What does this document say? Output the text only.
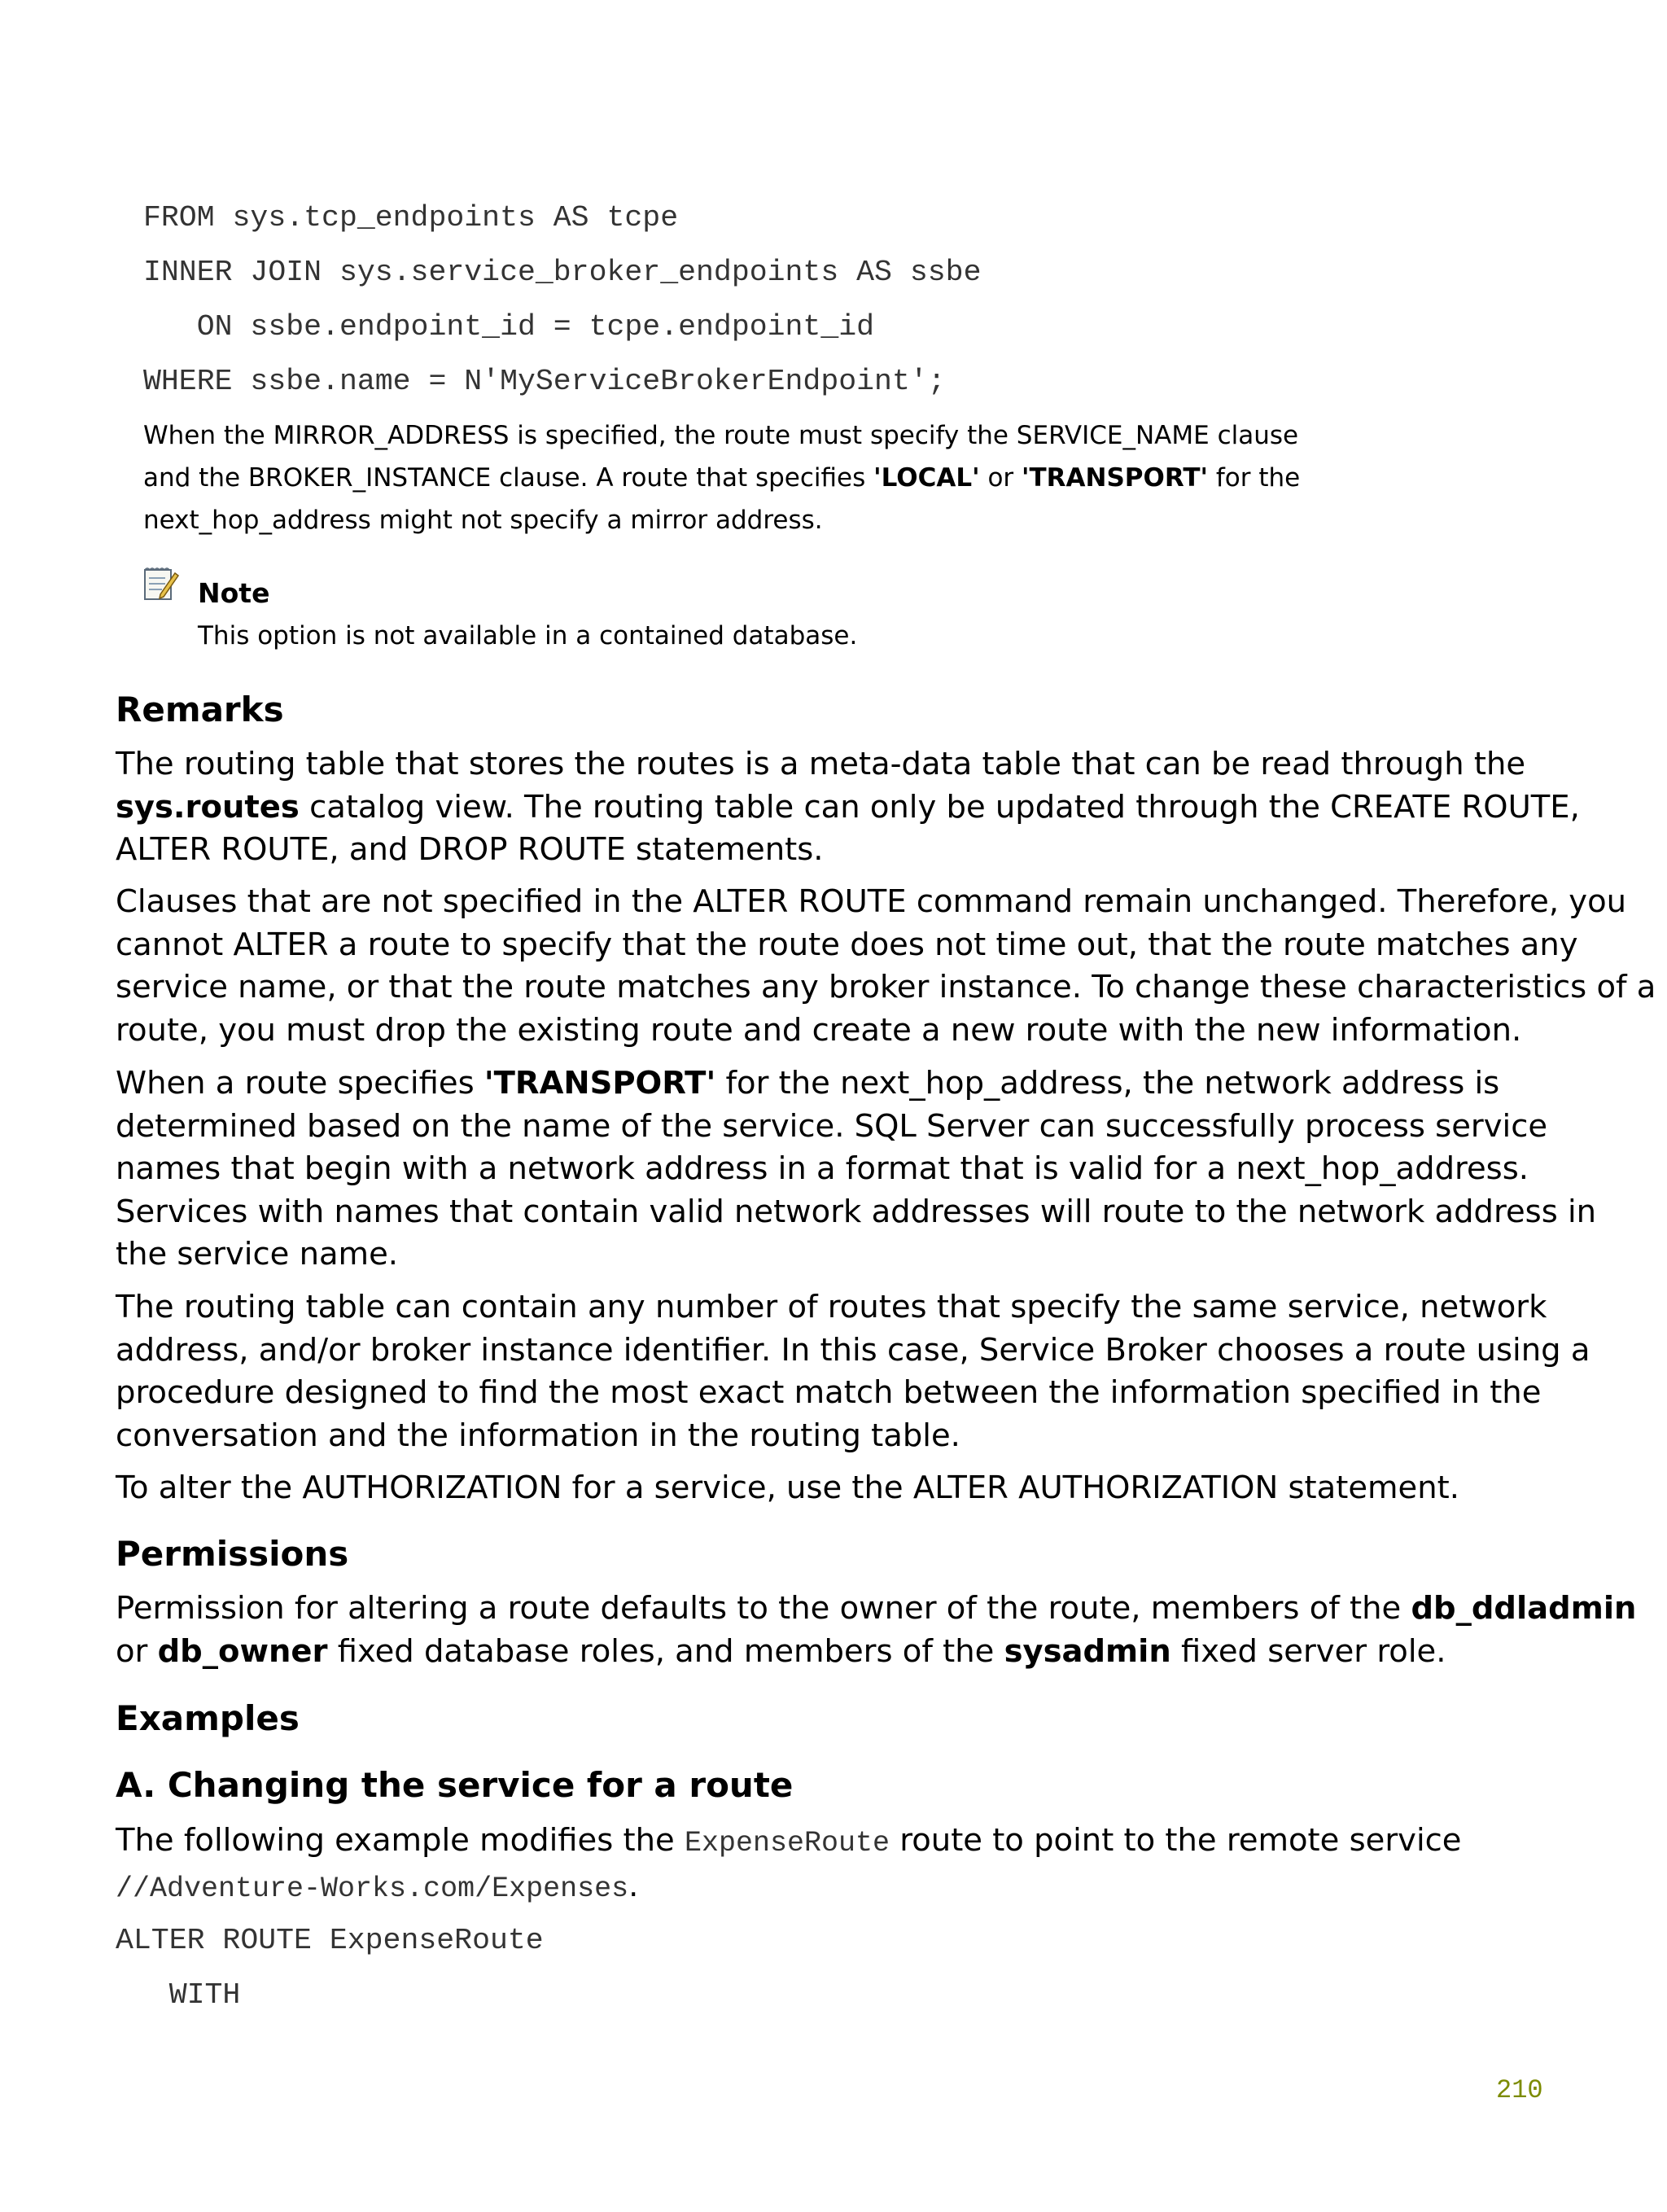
FROM sys.tcp_endpoints AS tcpe

INNER JOIN sys.service_broker_endpoints AS ssbe

ON ssbe.endpoint_id = tcpe.endpoint_id

WHERE ssbe.name = N'MyServiceBrokerEndpoint';

When the MIRROR_ADDRESS is specified, the route must specify the SERVICE_NAME clause

and the BROKER_INSTANCE clause. A route that specifies 'LOCAL' or 'TRANSPORT' for the

next_hop_address might not specify a mirror address.

Note

This option is not available in a contained database.

Remarks
The routing table that stores the routes is a meta-data table that can be read through the
sys.routes catalog view. The routing table can only be updated through the CREATE ROUTE,
ALTER ROUTE, and DROP ROUTE statements.
Clauses that are not specified in the ALTER ROUTE command remain unchanged. Therefore, you
cannot ALTER a route to specify that the route does not time out, that the route matches any
service name, or that the route matches any broker instance. To change these characteristics of a
route, you must drop the existing route and create a new route with the new information.
When a route specifies 'TRANSPORT' for the next_hop_address, the network address is
determined based on the name of the service. SQL Server can successfully process service
names that begin with a network address in a format that is valid for a next_hop_address.
Services with names that contain valid network addresses will route to the network address in
the service name.
The routing table can contain any number of routes that specify the same service, network
address, and/or broker instance identifier. In this case, Service Broker chooses a route using a
procedure designed to find the most exact match between the information specified in the
conversation and the information in the routing table.
To alter the AUTHORIZATION for a service, use the ALTER AUTHORIZATION statement.
Permissions
Permission for altering a route defaults to the owner of the route, members of the db_ddladmin
or db_owner fixed database roles, and members of the sysadmin fixed server role.
Examples
A. Changing the service for a route
The following example modifies the ExpenseRoute route to point to the remote service
//Adventure-Works.com/Expenses.

ALTER ROUTE ExpenseRoute

WITH

210
